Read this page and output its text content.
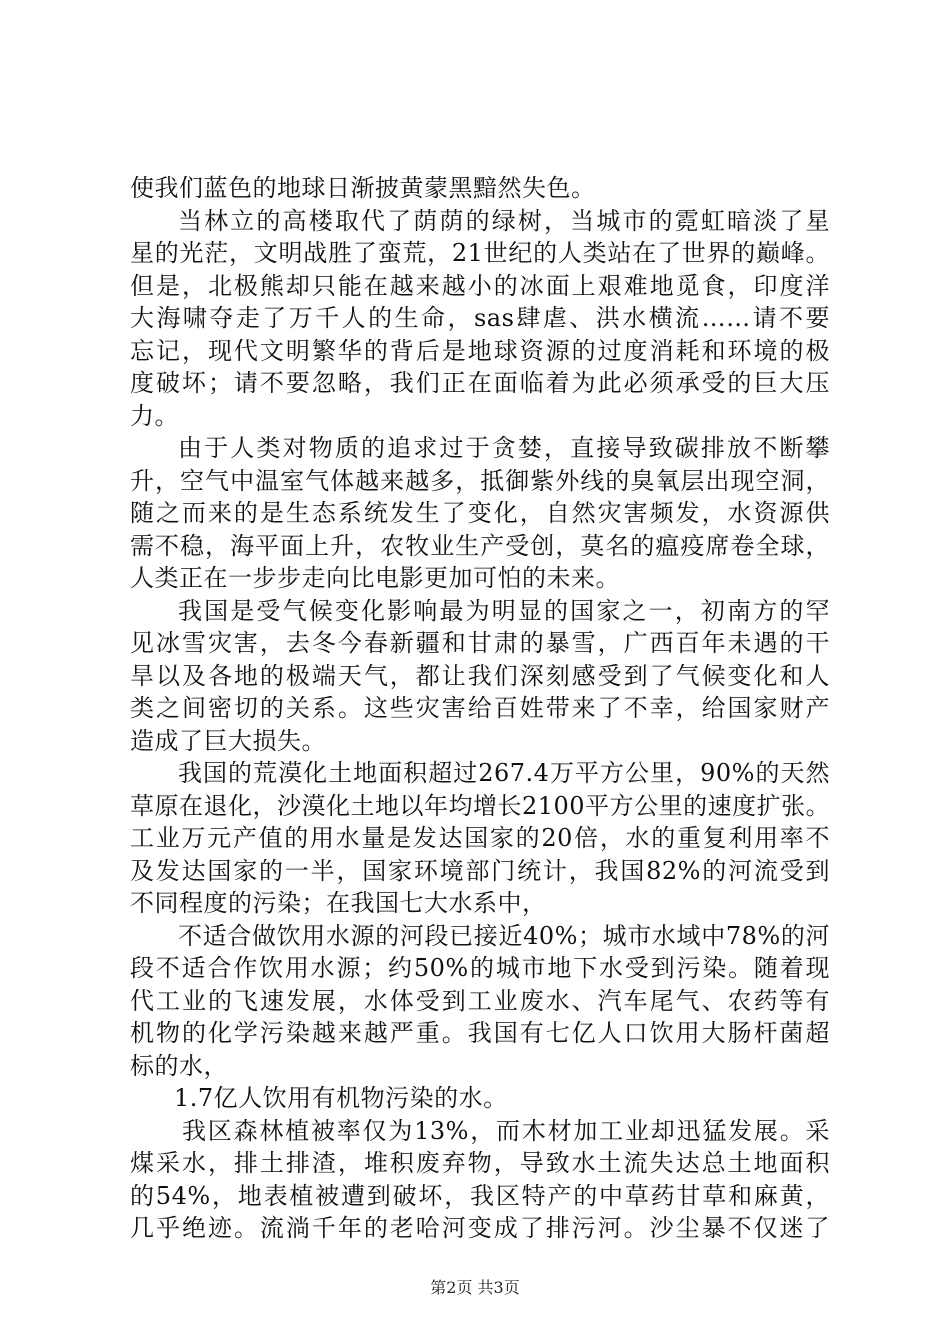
使我们蓝色的地球日渐披黄蒙黑黯然失色。
当林立的高楼取代了荫荫的绿树，当城市的霓虹暗淡了星
星的光茫，文明战胜了蛮荒，21世纪的人类站在了世界的巅峰。
但是，北极熊却只能在越来越小的冰面上艰难地觅食，印度洋
大海啸夺走了万千人的生命，sas肆虐、洪水横流……请不要
忘记，现代文明繁华的背后是地球资源的过度消耗和环境的极
度破坏；请不要忽略，我们正在面临着为此必须承受的巨大压
力。
由于人类对物质的追求过于贪婪，直接导致碳排放不断攀
升，空气中温室气体越来越多，抵御紫外线的臭氧层出现空洞，
随之而来的是生态系统发生了变化，自然灾害频发，水资源供
需不稳，海平面上升，农牧业生产受创，莫名的瘟疫席卷全球，
人类正在一步步走向比电影更加可怕的未来。
我国是受气候变化影响最为明显的国家之一，初南方的罕
见冰雪灾害，去冬今春新疆和甘肃的暴雪，广西百年未遇的干
旱以及各地的极端天气，都让我们深刻感受到了气候变化和人
类之间密切的关系。这些灾害给百姓带来了不幸，给国家财产
造成了巨大损失。
我国的荒漠化土地面积超过267.4万平方公里，90%的天然
草原在退化，沙漠化土地以年均增长2100平方公里的速度扩张。
工业万元产值的用水量是发达国家的20倍，水的重复利用率不
及发达国家的一半，国家环境部门统计，我国82%的河流受到
不同程度的污染；在我国七大水系中，
不适合做饮用水源的河段已接近40%；城市水域中78%的河
段不适合作饮用水源；约50%的城市地下水受到污染。随着现
代工业的飞速发展，水体受到工业废水、汽车尾气、农药等有
机物的化学污染越来越严重。我国有七亿人口饮用大肠杆菌超
标的水，
1.7亿人饮用有机物污染的水。
我区森林植被率仅为13%，而木材加工业却迅猛发展。采
煤采水，排土排渣，堆积废弃物，导致水土流失达总土地面积
的54%，地表植被遭到破坏，我区特产的中草药甘草和麻黄，
几乎绝迹。流淌千年的老哈河变成了排污河。沙尘暴不仅迷了
第2页 共3页
